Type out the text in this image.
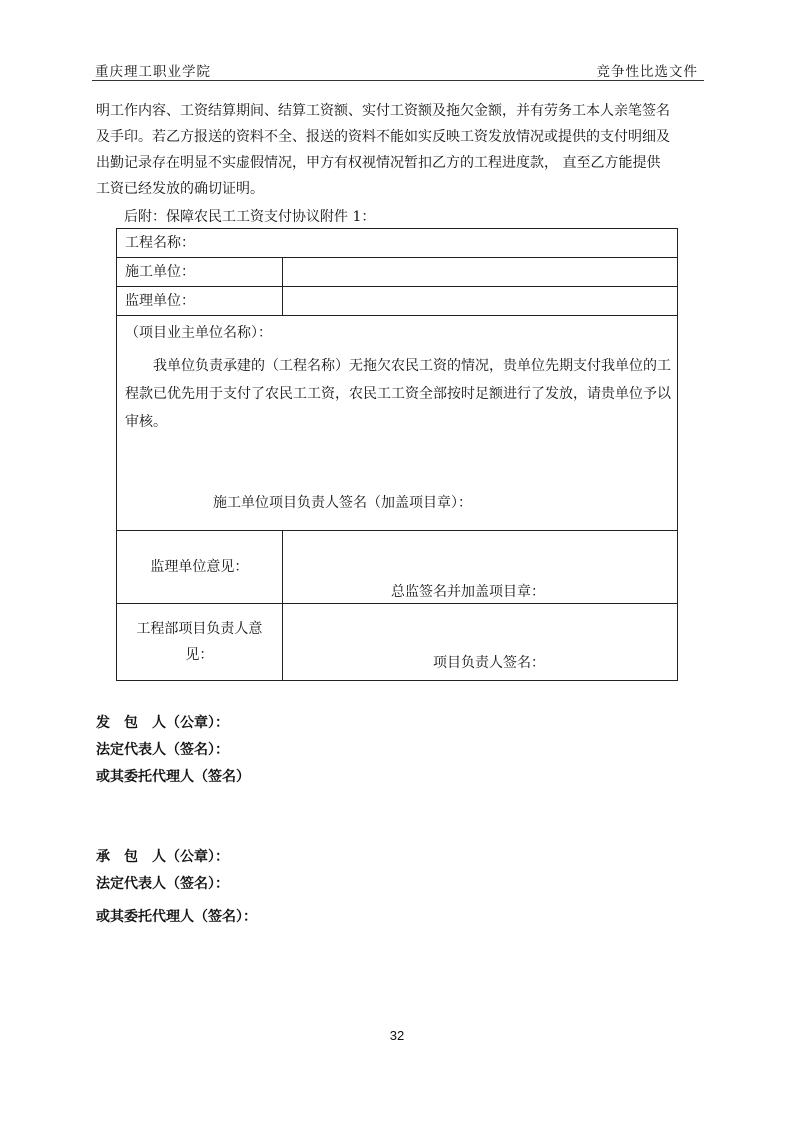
重庆理工职业学院	竞争性比选文件
明工作内容、工资结算期间、结算工资额、实付工资额及拖欠金额，并有劳务工本人亲笔签名
及手印。若乙方报送的资料不全、报送的资料不能如实反映工资发放情况或提供的支付明细及
出勤记录存在明显不实虚假情况，甲方有权视情况暂扣乙方的工程进度款， 直至乙方能提供
工资已经发放的确切证明。
后附：保障农民工工资支付协议附件 1：
工程名称：	

施工单位：	

监理单位：	

（项目业主单位名称）：
我单位负责承建的（工程名称）无拖欠农民工资的情况，贵单位先期支付我单位的工程款已优先用于支付了农民工工资，农民工工资全部按时足额进行了发放，请贵单位予以审核。
施工单位项目负责人签名（加盖项目章）：	

监理单位意见：	总监签名并加盖项目章：

工程部项目负责人意见：	项目负责人签名：
发　包　人（公章）：
法定代表人（签名）：
或其委托代理人（签名）
承　包　人（公章）：
法定代表人（签名）：
或其委托代理人（签名）：
32
